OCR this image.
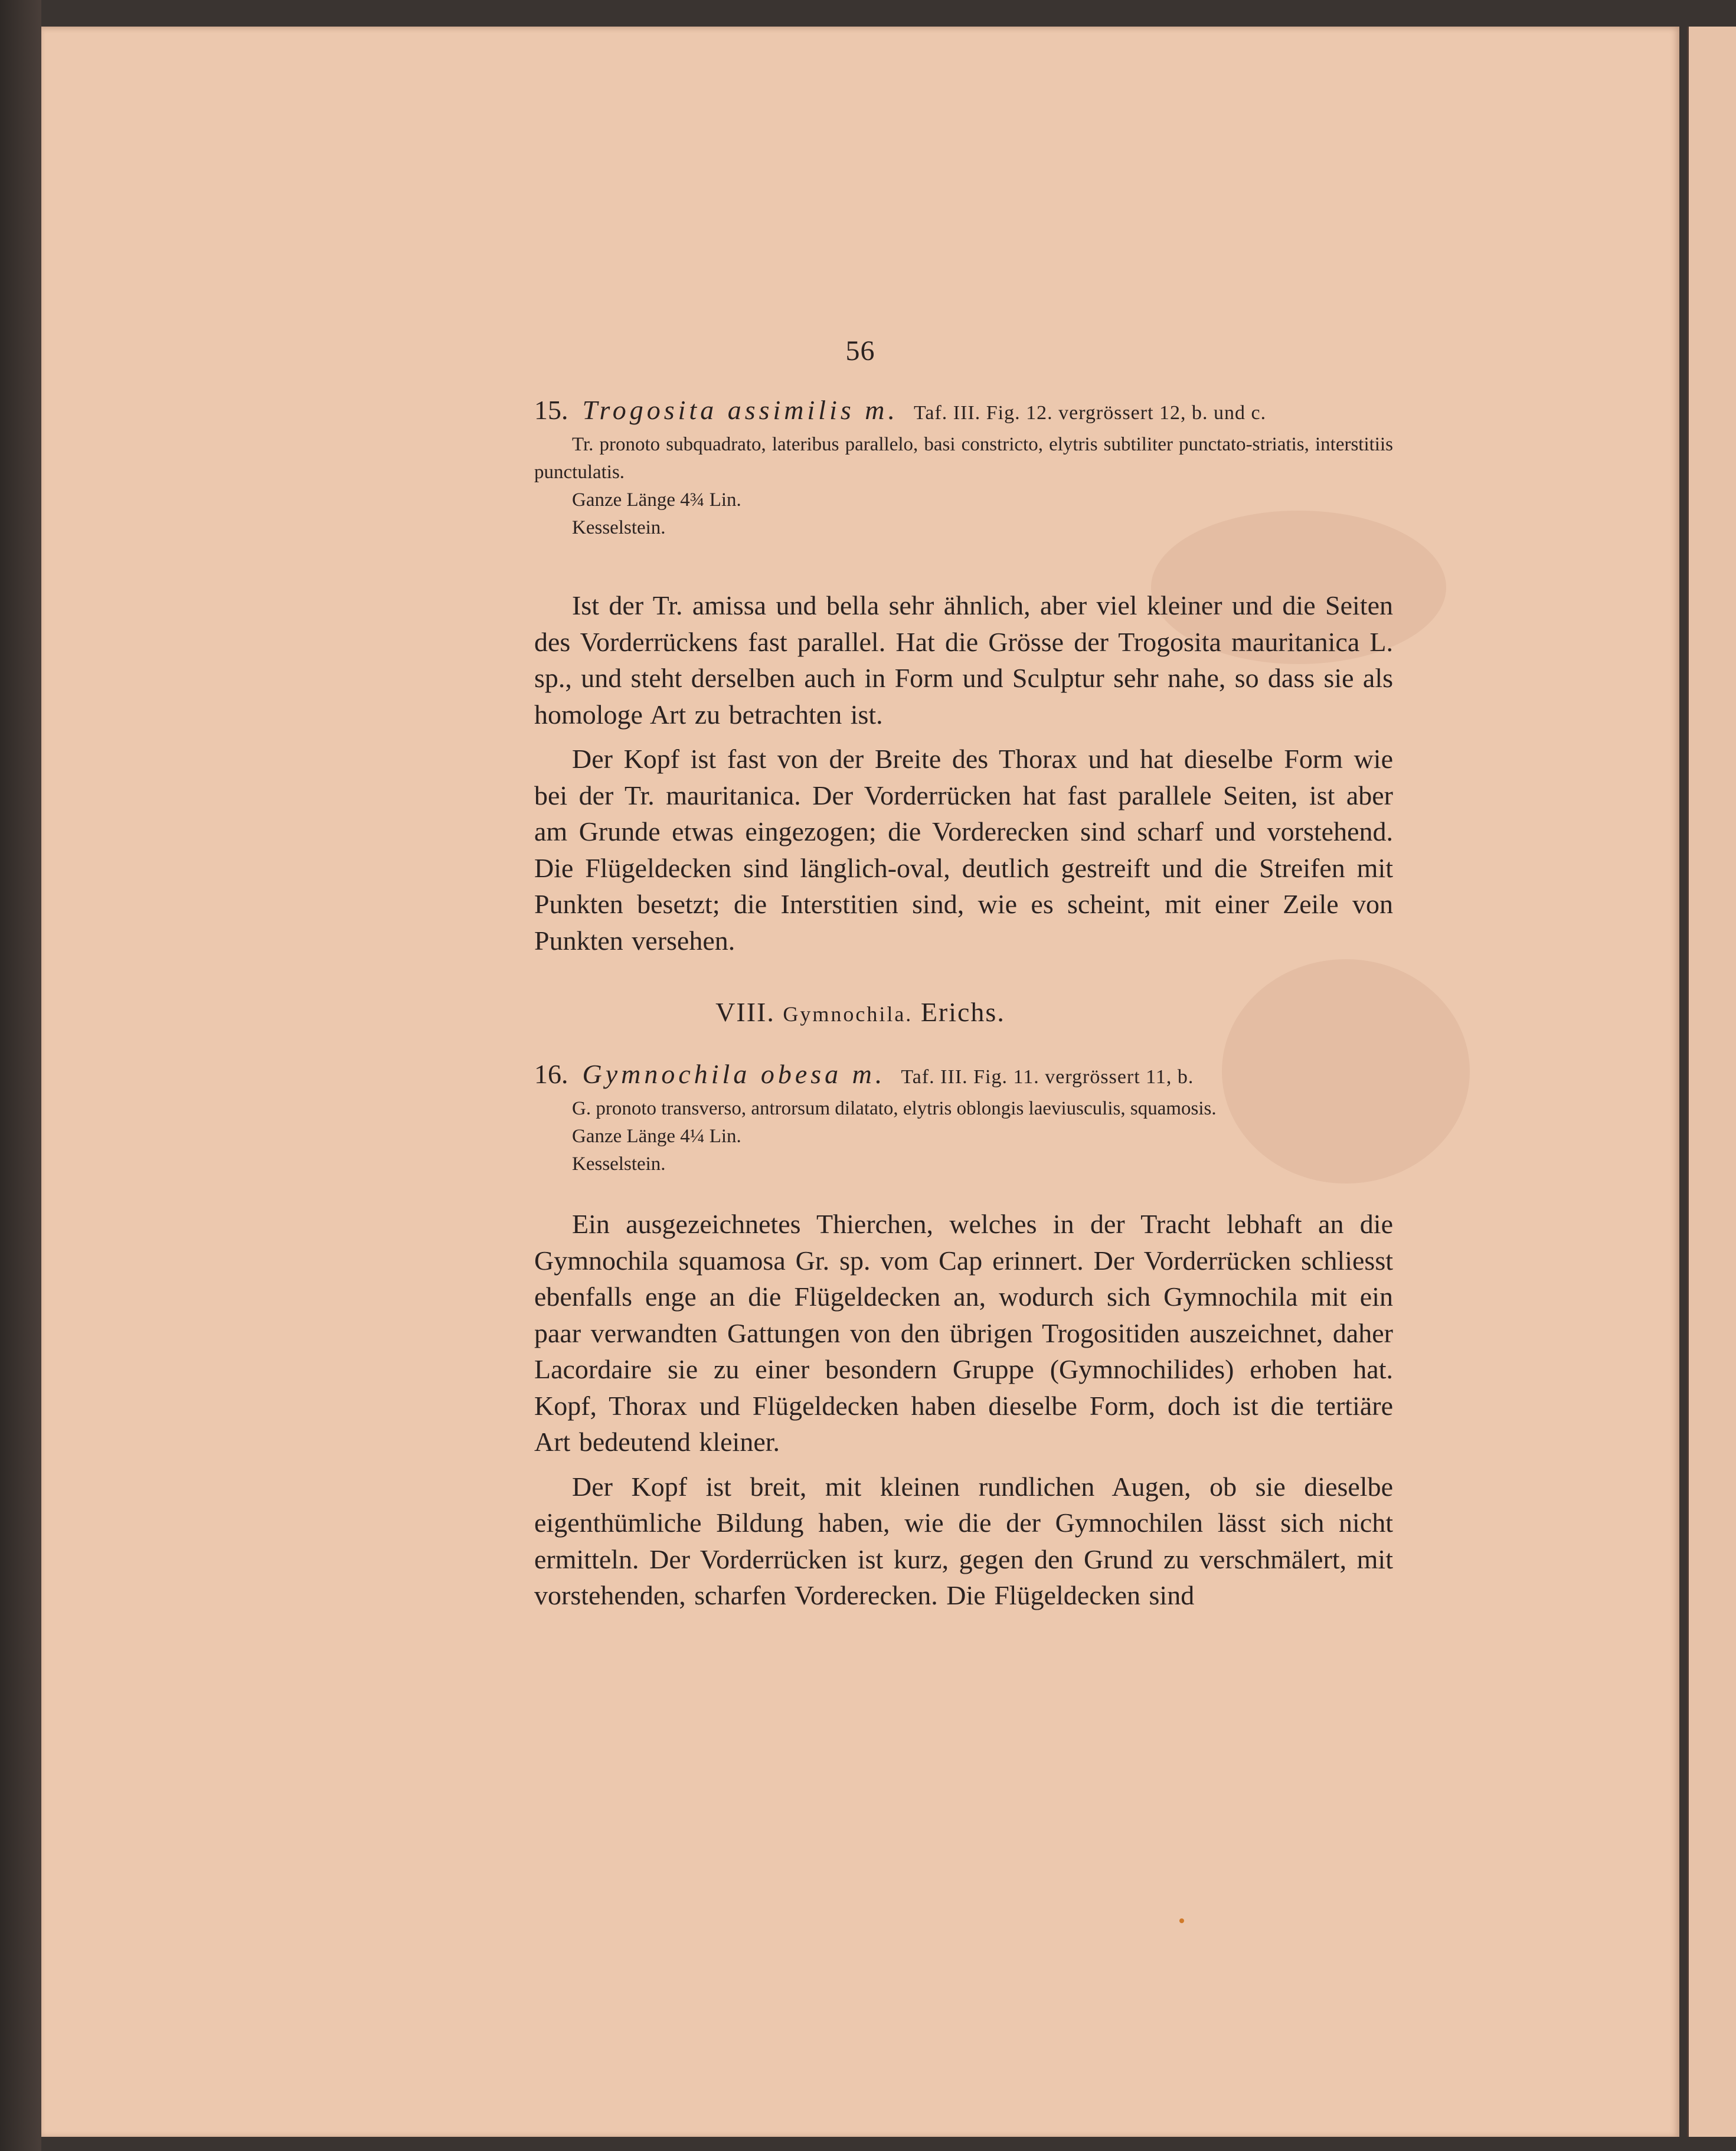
56
15. Trogosita assimilis m. Taf. III. Fig. 12. vergrössert 12, b. und c.
Tr. pronoto subquadrato, lateribus parallelo, basi constricto, elytris subtiliter punctato-striatis, interstitiis punctulatis.
Ganze Länge 4¾ Lin.
Kesselstein.

Ist der Tr. amissa und bella sehr ähnlich, aber viel kleiner und die Seiten des Vorderrückens fast parallel. Hat die Grösse der Trogosita mauritanica L. sp., und steht derselben auch in Form und Sculptur sehr nahe, so dass sie als homologe Art zu betrachten ist.

Der Kopf ist fast von der Breite des Thorax und hat dieselbe Form wie bei der Tr. mauritanica. Der Vorderrücken hat fast parallele Seiten, ist aber am Grunde etwas eingezogen; die Vorderecken sind scharf und vorstehend. Die Flügeldecken sind länglich-oval, deutlich gestreift und die Streifen mit Punkten besetzt; die Interstitien sind, wie es scheint, mit einer Zeile von Punkten versehen.

VIII. Gymnochila. Erichs.
16. Gymnochila obesa m. Taf. III. Fig. 11. vergrössert 11, b.
G. pronoto transverso, antrorsum dilatato, elytris oblongis laeviusculis, squamosis.
Ganze Länge 4¼ Lin.
Kesselstein.

Ein ausgezeichnetes Thierchen, welches in der Tracht lebhaft an die Gymnochila squamosa Gr. sp. vom Cap erinnert. Der Vorderrücken schliesst ebenfalls enge an die Flügeldecken an, wodurch sich Gymnochila mit ein paar verwandten Gattungen von den übrigen Trogositiden auszeichnet, daher Lacordaire sie zu einer besondern Gruppe (Gymnochilides) erhoben hat. Kopf, Thorax und Flügeldecken haben dieselbe Form, doch ist die tertiäre Art bedeutend kleiner.

Der Kopf ist breit, mit kleinen rundlichen Augen, ob sie dieselbe eigenthümliche Bildung haben, wie die der Gymnochilen lässt sich nicht ermitteln. Der Vorderrücken ist kurz, gegen den Grund zu verschmälert, mit vorstehenden, scharfen Vorderecken. Die Flügeldecken sind
